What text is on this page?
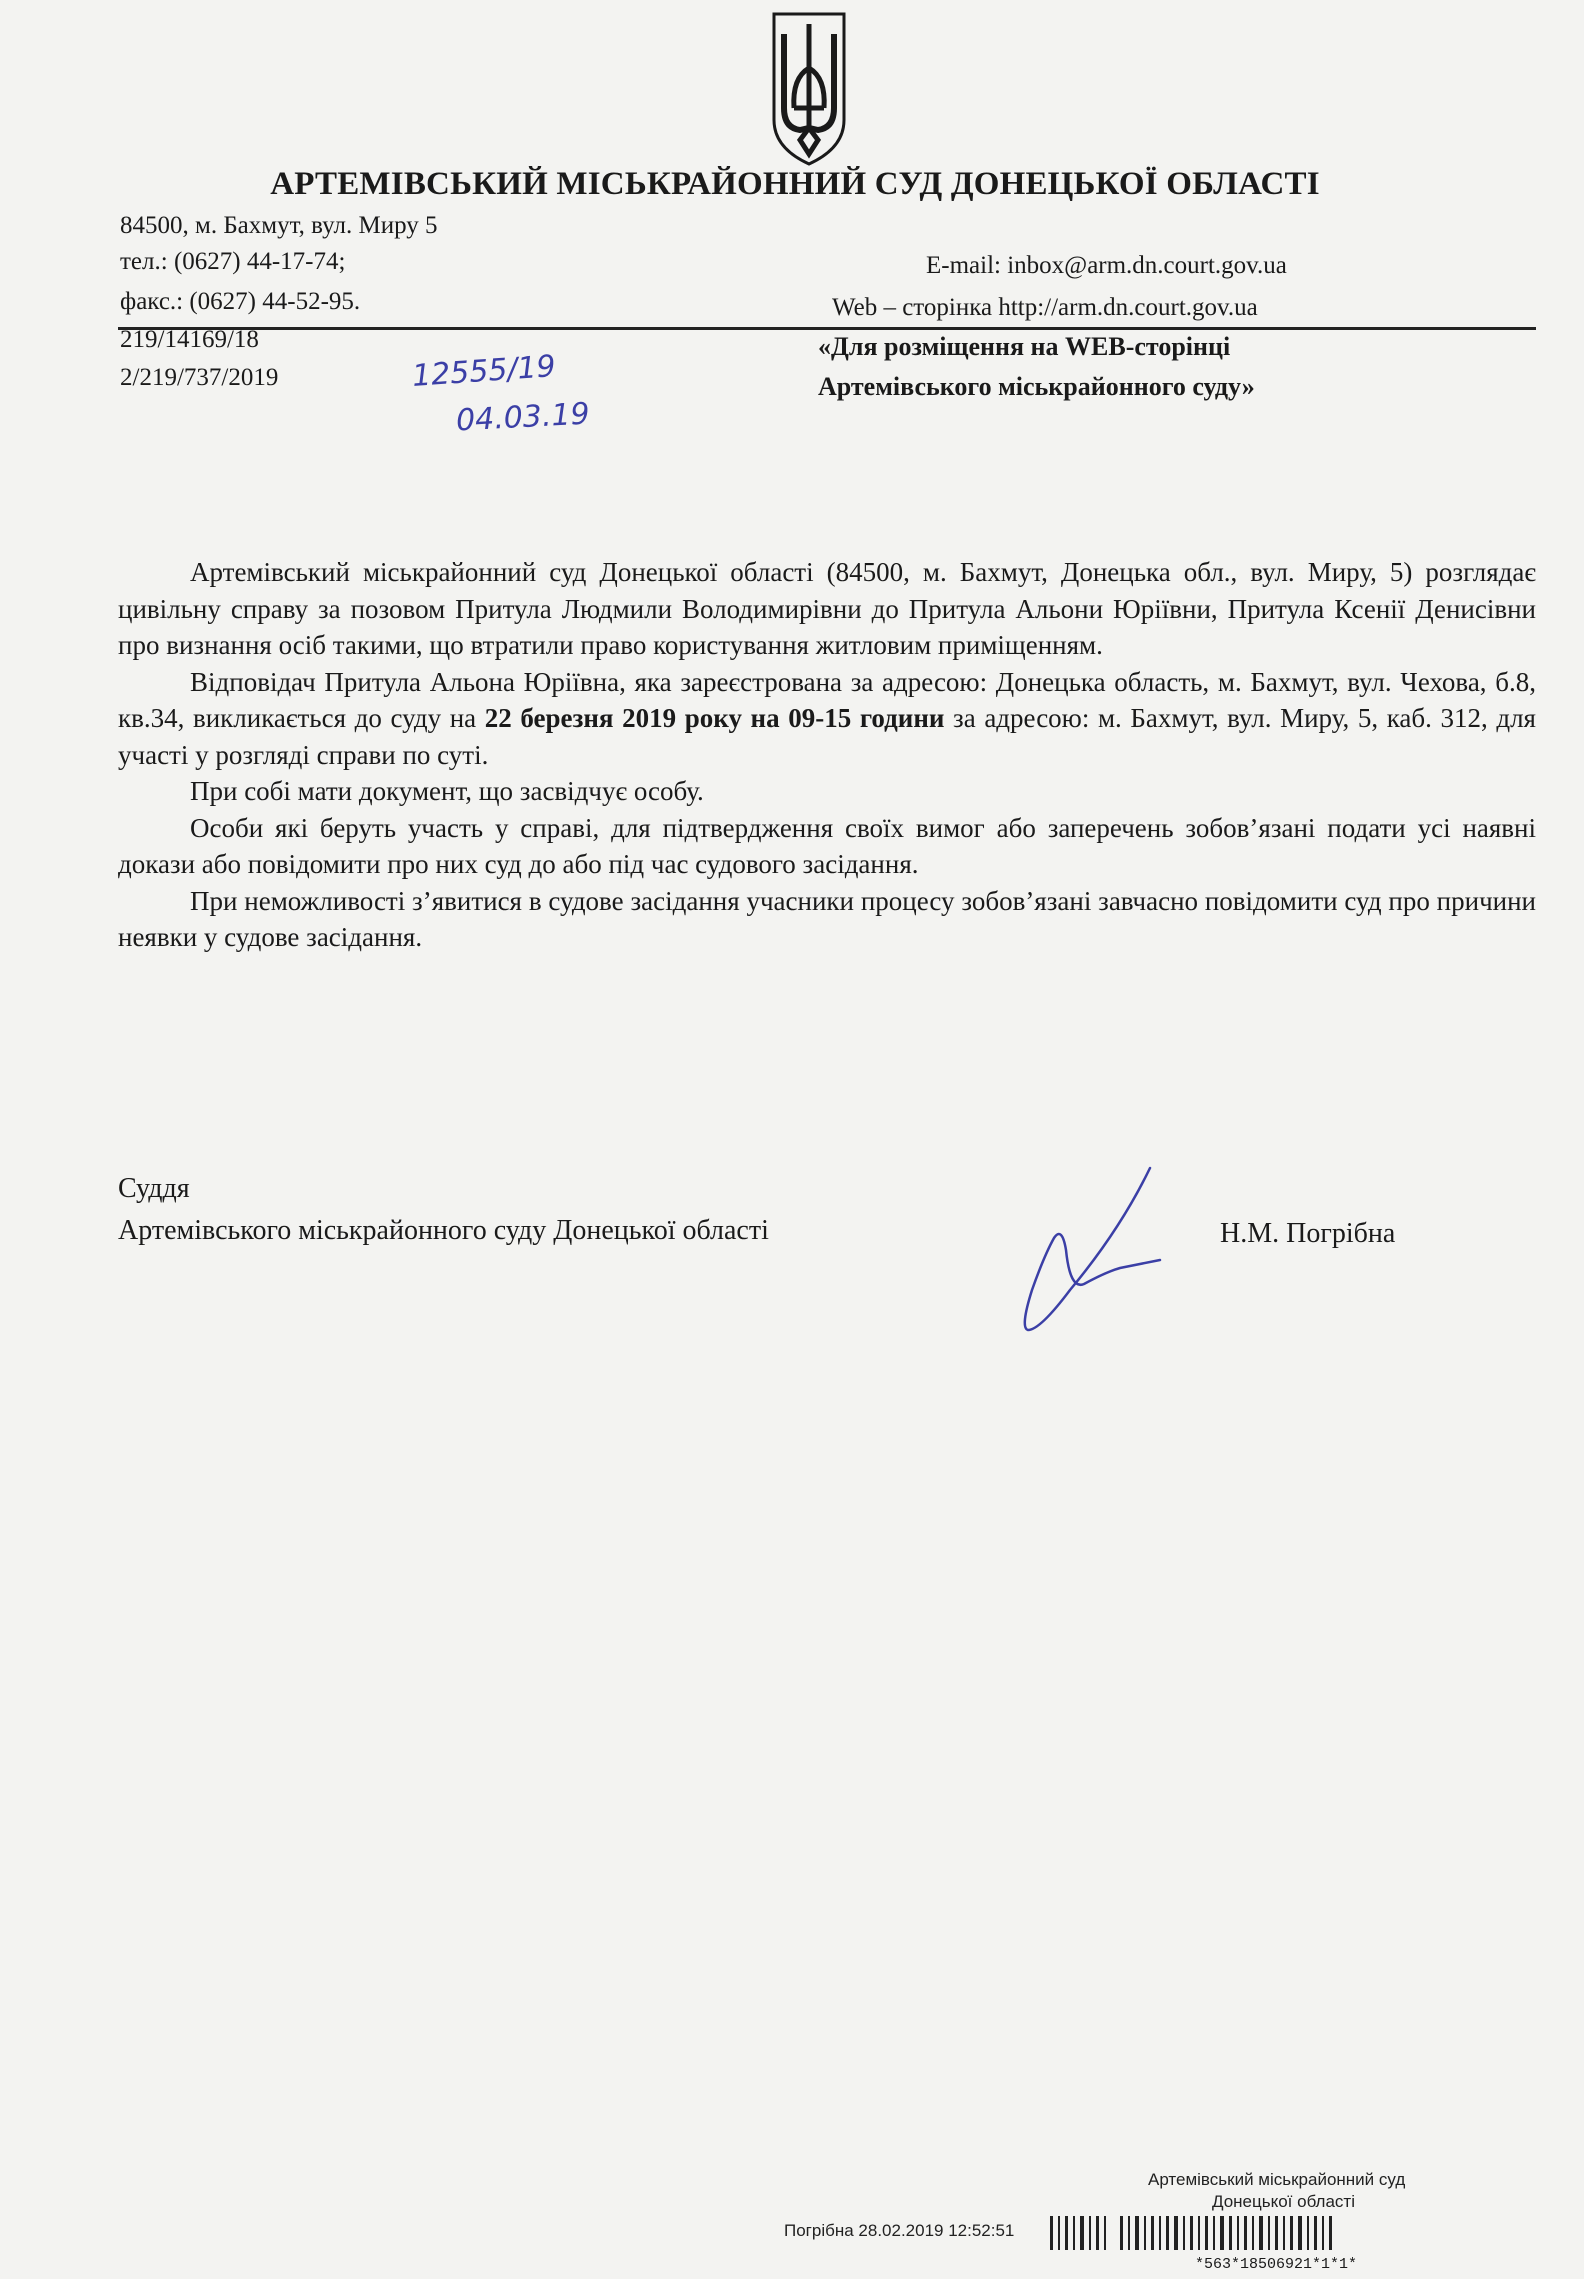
АРТЕМІВСЬКИЙ МІСЬКРАЙОННИЙ СУД ДОНЕЦЬКОЇ ОБЛАСТІ
84500, м. Бахмут, вул. Миру 5
тел.: (0627) 44-17-74;
факс.: (0627) 44-52-95.
E-mail: inbox@arm.dn.court.gov.ua
Web – сторінка http://arm.dn.court.gov.ua
219/14169/18
2/219/737/2019	12555/19
04.03.19
«Для розміщення на WEB-сторінці
Артемівського міськрайонного суду»

Артемівський міськрайонний суд Донецької області (84500, м. Бахмут, Донецька обл., вул. Миру, 5) розглядає цивільну справу за позовом Притула Людмили Володимирівни до Притула Альони Юріївни, Притула Ксенії Денисівни про визнання осіб такими, що втратили право користування житловим приміщенням.

Відповідач Притула Альона Юріївна, яка зареєстрована за адресою: Донецька область, м. Бахмут, вул. Чехова, б.8, кв.34, викликається до суду на 22 березня 2019 року на 09-15 години за адресою: м. Бахмут, вул. Миру, 5, каб. 312, для участі у розгляді справи по суті.

При собі мати документ, що засвідчує особу.

Особи які беруть участь у справі, для підтвердження своїх вимог або заперечень зобов’язані подати усі наявні докази або повідомити про них суд до або під час судового засідання.

При неможливості з’явитися в судове засідання учасники процесу зобов’язані завчасно повідомити суд про причини неявки у судове засідання.

Суддя
Артемівського міськрайонного суду Донецької області	Н.М. Погрібна
Артемівський міськрайонний суд
Донецької області
Погрібна 28.02.2019 12:52:51
*563*18506921*1*1*
